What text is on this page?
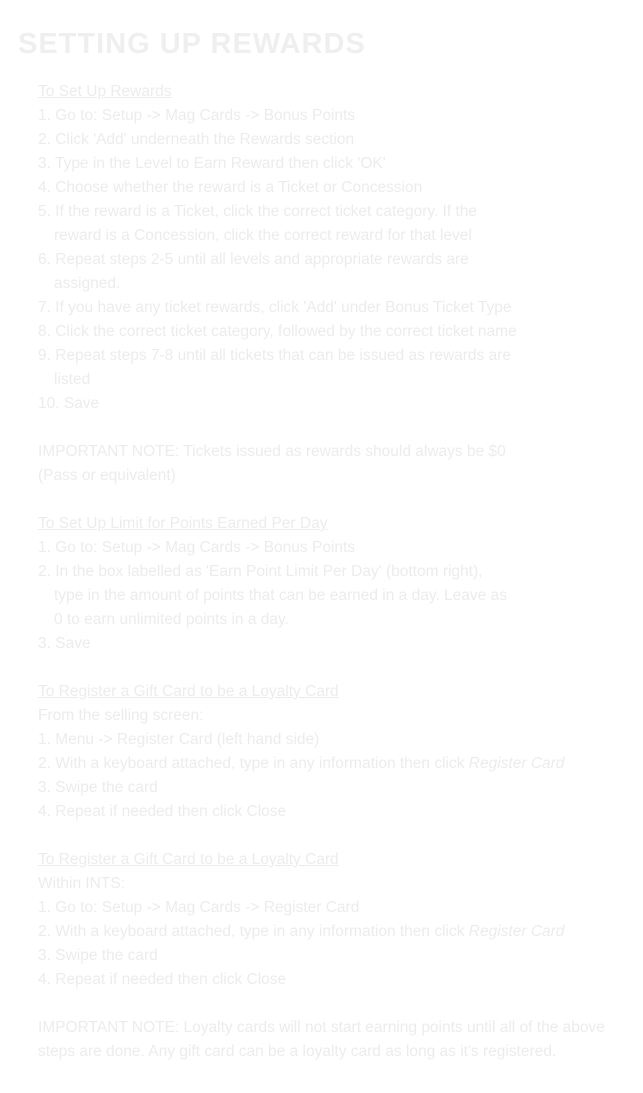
SETTING UP REWARDS
To Set Up Rewards
1. Go to: Setup -> Mag Cards -> Bonus Points
2. Click 'Add' underneath the Rewards section
3. Type in the Level to Earn Reward then click 'OK'
4. Choose whether the reward is a Ticket or Concession
5. If the reward is a Ticket, click the correct ticket category. If the
reward is a Concession, click the correct reward for that level
6. Repeat steps 2-5 until all levels and appropriate rewards are
assigned.
7. If you have any ticket rewards, click 'Add' under Bonus Ticket Type
8. Click the correct ticket category, followed by the correct ticket name
9. Repeat steps 7-8 until all tickets that can be issued as rewards are
listed
10. Save
IMPORTANT NOTE: Tickets issued as rewards should always be $0
(Pass or equivalent)
To Set Up Limit for Points Earned Per Day
1. Go to: Setup -> Mag Cards -> Bonus Points
2. In the box labelled as 'Earn Point Limit Per Day' (bottom right),
type in the amount of points that can be earned in a day. Leave as
0 to earn unlimited points in a day.
3. Save
To Register a Gift Card to be a Loyalty Card
From the selling screen:
1. Menu -> Register Card (left hand side)
2. With a keyboard attached, type in any information then click Register Card
3. Swipe the card
4. Repeat if needed then click Close
To Register a Gift Card to be a Loyalty Card
Within INTS:
1. Go to: Setup -> Mag Cards -> Register Card
2. With a keyboard attached, type in any information then click Register Card
3. Swipe the card
4. Repeat if needed then click Close
IMPORTANT NOTE: Loyalty cards will not start earning points until all of the above
steps are done. Any gift card can be a loyalty card as long as it's registered.
